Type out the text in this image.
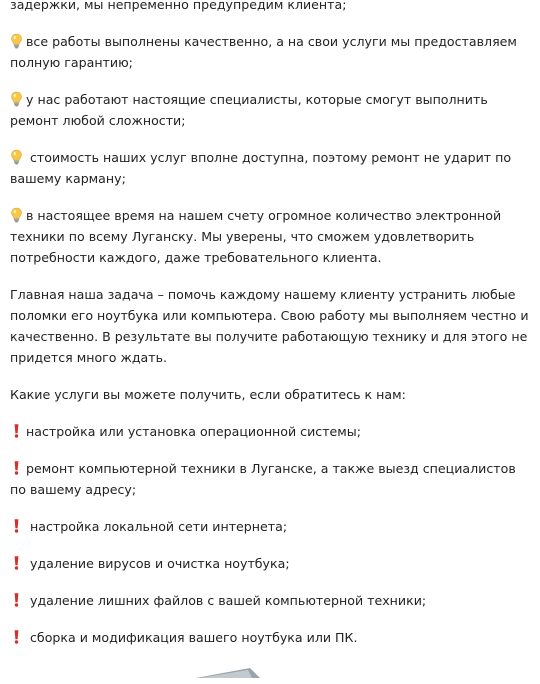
задержки, мы непременно предупредим клиента;

все работы выполнены качественно, а на свои услуги мы предоставляем полную гарантию;

у нас работают настоящие специалисты, которые смогут выполнить ремонт любой сложности;

стоимость наших услуг вполне доступна, поэтому ремонт не ударит по вашему карману;

в настоящее время на нашем счету огромное количество электронной техники по всему Луганску. Мы уверены, что сможем удовлетворить потребности каждого, даже требовательного клиента.

Главная наша задача – помочь каждому нашему клиенту устранить любые поломки его ноутбука или компьютера. Свою работу мы выполняем честно и качественно. В результате вы получите работающую технику и для этого не придется много ждать.

Какие услуги вы можете получить, если обратитесь к нам:

настройка или установка операционной системы;

ремонт компьютерной техники в Луганске, а также выезд специалистов по вашему адресу;

настройка локальной сети интернета;

удаление вирусов и очистка ноутбука;

удаление лишних файлов с вашей компьютерной техники;

сборка и модификация вашего ноутбука или ПК.
